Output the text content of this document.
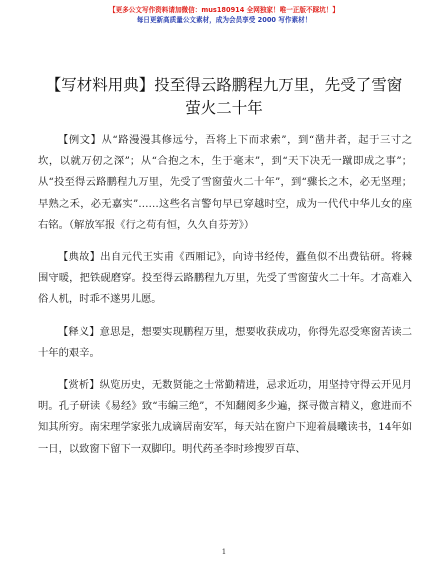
【更多公文写作资料请加微信：mus180914 全网独家！唯一正版不踩坑！】
每日更新高质量公文素材，成为会员享受 2000 写作素材！
【写材料用典】投至得云路鹏程九万里，先受了雪窗萤火二十年

【例文】从“路漫漫其修远兮，吾将上下而求索”，到“凿井者，起于三寸之坎，以就万仞之深”；从“合抱之木，生于毫末”，到“天下决无一蹴即成之事”；从“投至得云路鹏程九万里，先受了雪窗萤火二十年”，到“骤长之木，必无坚理；早熟之禾，必无嘉实”……这些名言警句早已穿越时空，成为一代代中华儿女的座右铭。（解放军报《行之苟有恒，久久自芬芳》）

【典故】出自元代王实甫《西厢记》，向诗书经传，蠹鱼似不出费钻研。将棘围守暖，把铁砚磨穿。投至得云路鹏程九万里，先受了雪窗萤火二十年。才高难入俗人机，时乖不遂男儿愿。

【释义】意思是，想要实现鹏程万里，想要收获成功，你得先忍受寒窗苦读二十年的艰辛。

【赏析】纵览历史，无数贤能之士常勤精进，忌求近功，用坚持守得云开见月明。孔子研读《易经》致“韦编三绝”，不知翻阅多少遍，探寻微言精义，愈进而不知其所穷。南宋理学家张九成谪居南安军，每天站在窗户下迎着晨曦读书，14年如一日，以致窗下留下一双脚印。明代药圣李时珍搜罗百草、

1
